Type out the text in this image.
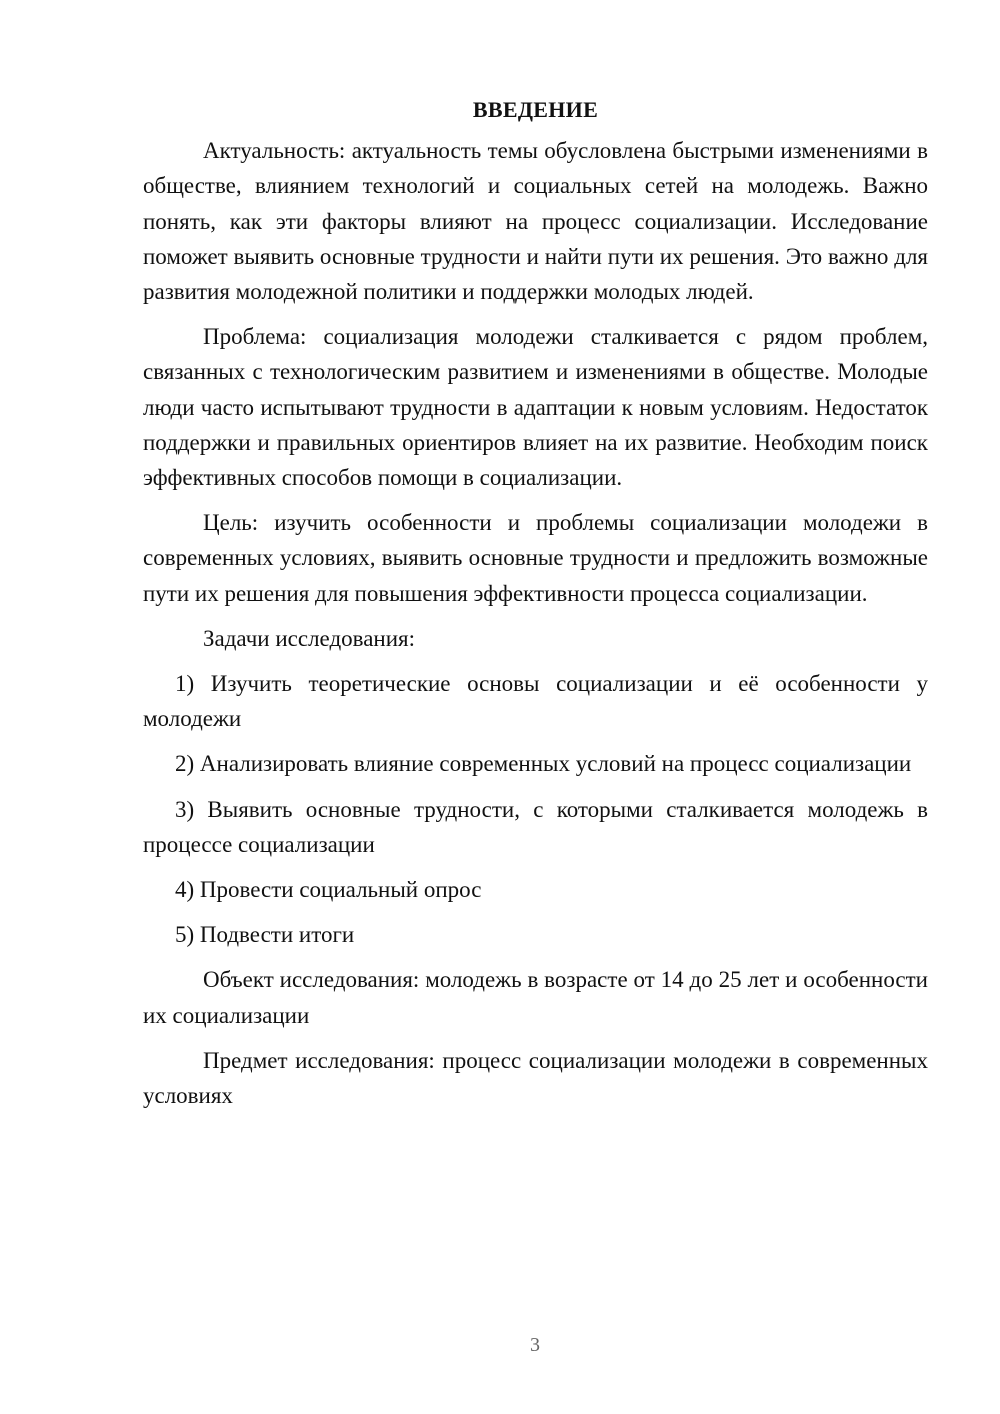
ВВЕДЕНИЕ

Актуальность: актуальность темы обусловлена быстрыми изменениями в обществе, влиянием технологий и социальных сетей на молодежь. Важно понять, как эти факторы влияют на процесс социализации. Исследование поможет выявить основные трудности и найти пути их решения. Это важно для развития молодежной политики и поддержки молодых людей.

Проблема: социализация молодежи сталкивается с рядом проблем, связанных с технологическим развитием и изменениями в обществе. Молодые люди часто испытывают трудности в адаптации к новым условиям. Недостаток поддержки и правильных ориентиров влияет на их развитие. Необходим поиск эффективных способов помощи в социализации.

Цель: изучить особенности и проблемы социализации молодежи в современных условиях, выявить основные трудности и предложить возможные пути их решения для повышения эффективности процесса социализации.

Задачи исследования:

1) Изучить теоретические основы социализации и её особенности у молодежи

2) Анализировать влияние современных условий на процесс социализации

3) Выявить основные трудности, с которыми сталкивается молодежь в процессе социализации

4) Провести социальный опрос

5) Подвести итоги

Объект исследования: молодежь в возрасте от 14 до 25 лет и особенности их социализации

Предмет исследования: процесс социализации молодежи в современных условиях

3
